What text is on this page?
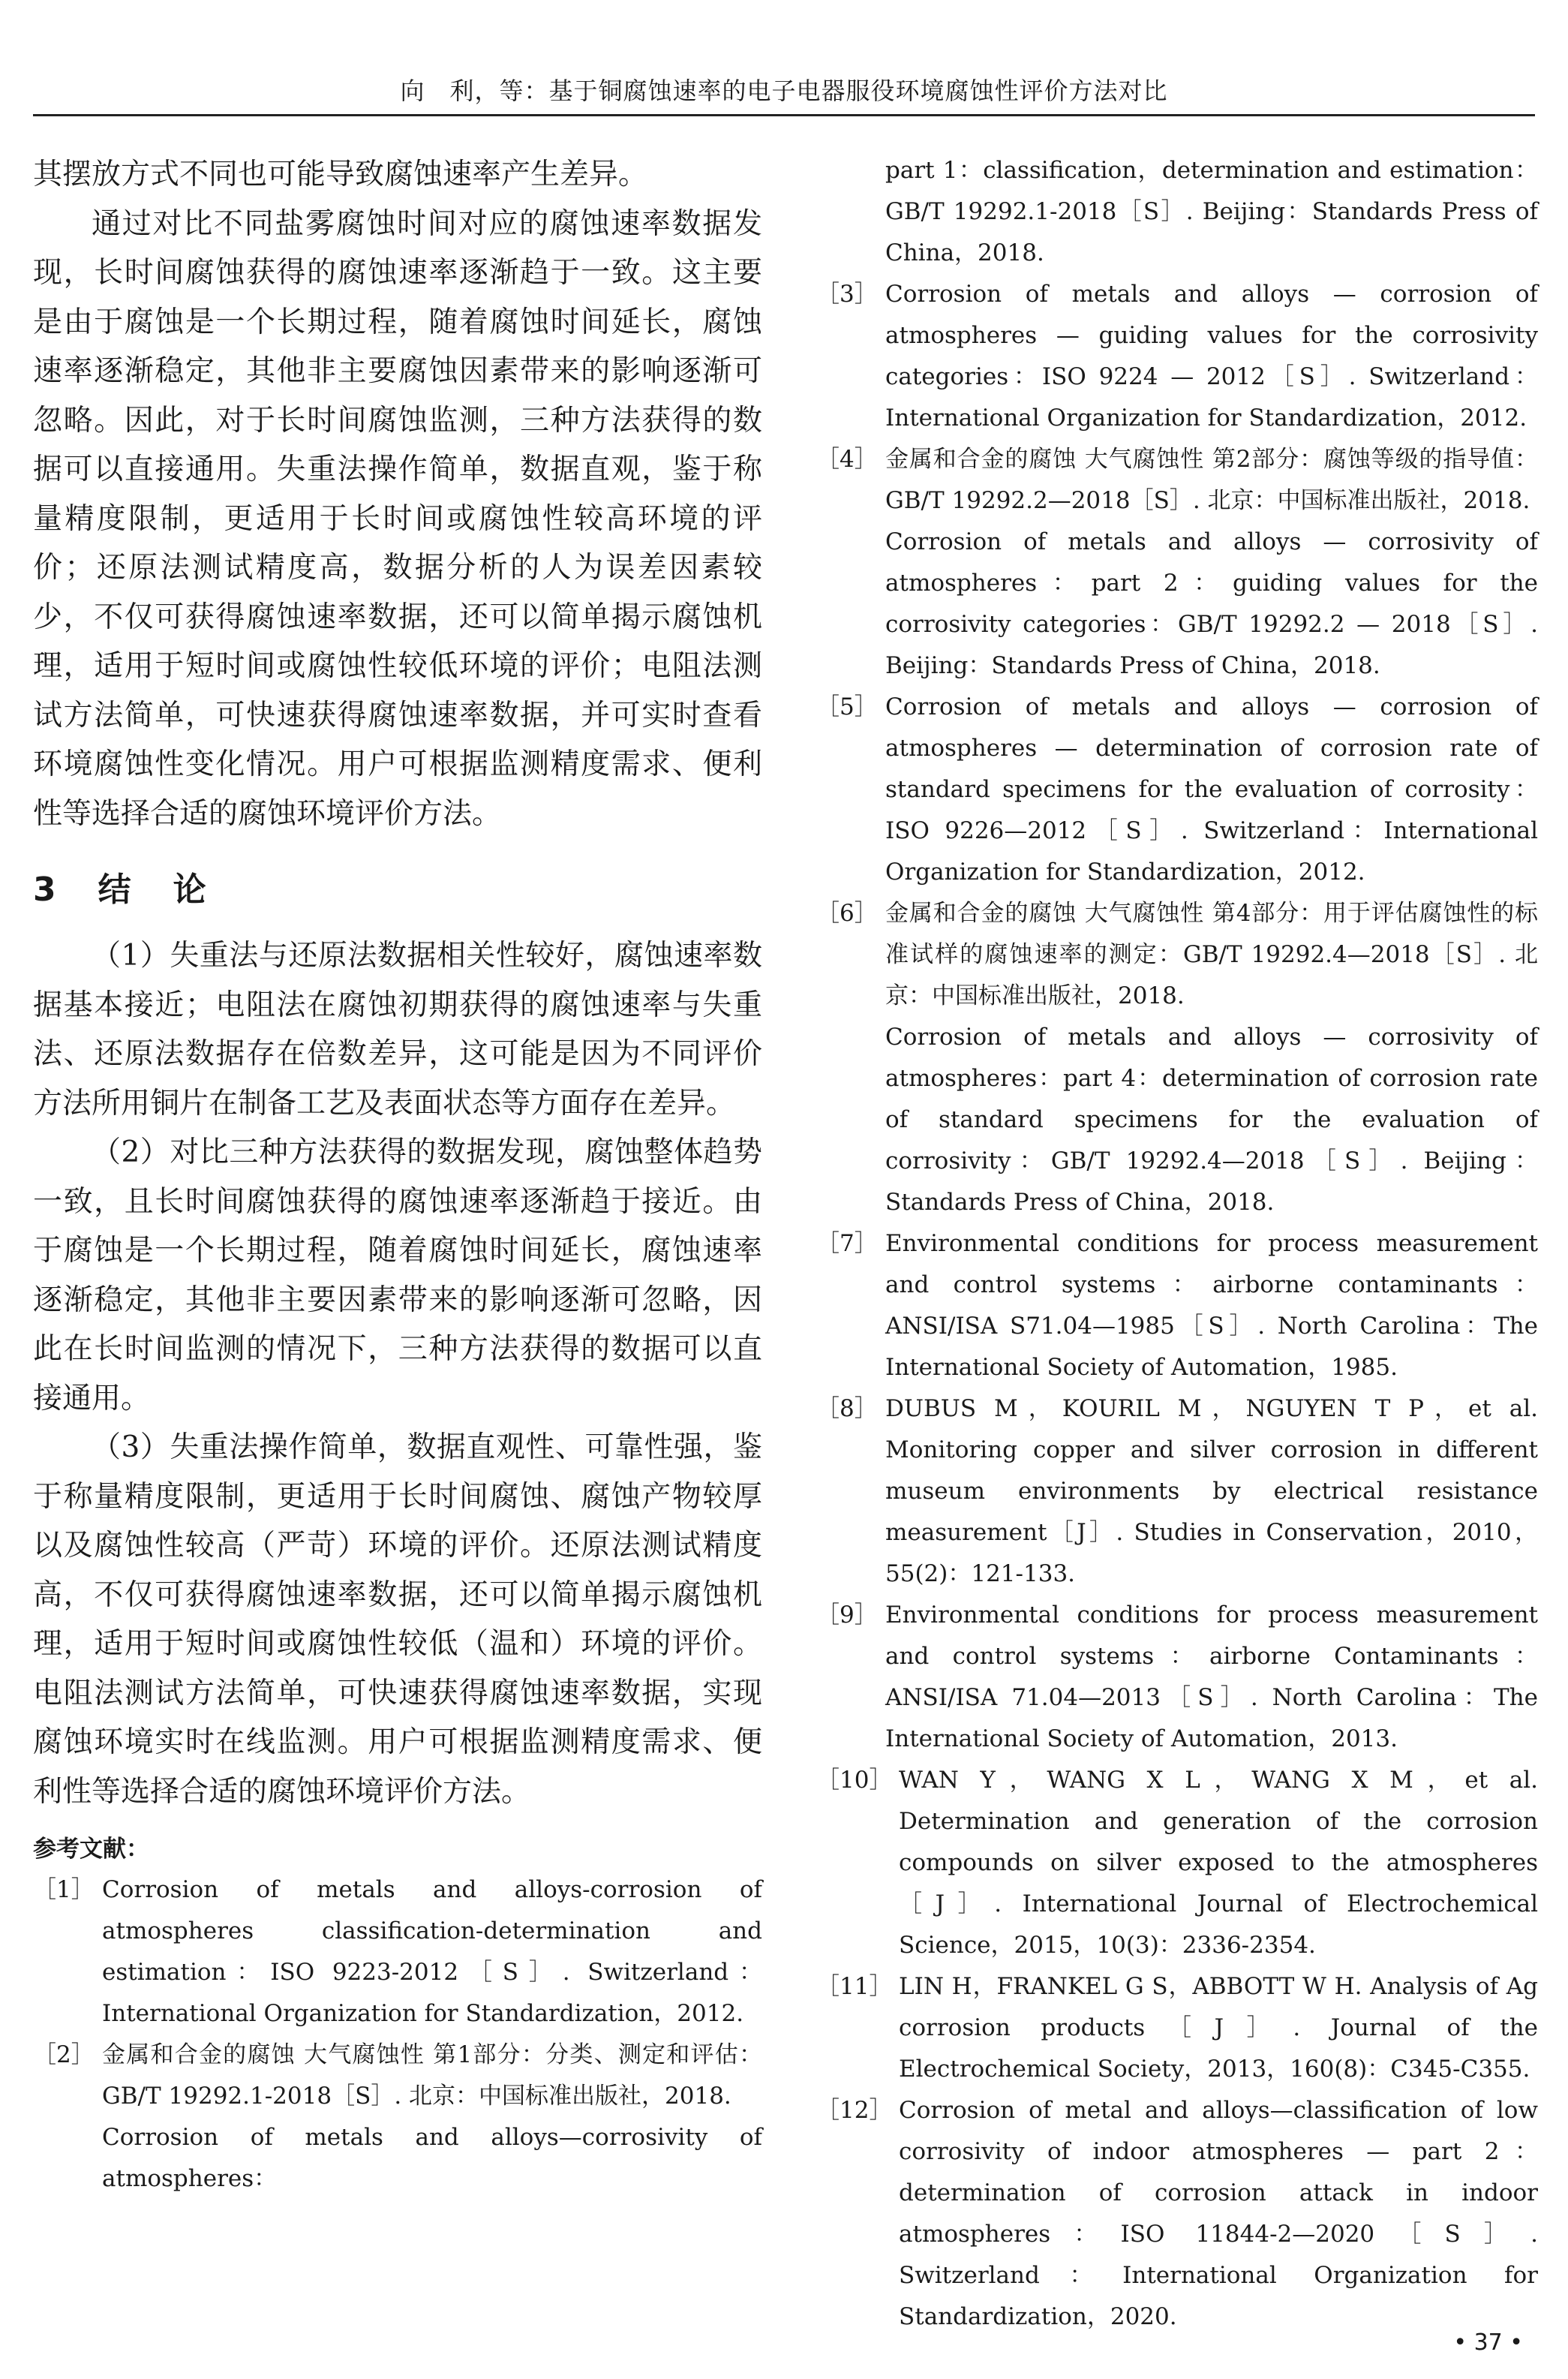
向　利，等：基于铜腐蚀速率的电子电器服役环境腐蚀性评价方法对比

其摆放方式不同也可能导致腐蚀速率产生差异。

通过对比不同盐雾腐蚀时间对应的腐蚀速率数据发现，长时间腐蚀获得的腐蚀速率逐渐趋于一致。这主要是由于腐蚀是一个长期过程，随着腐蚀时间延长，腐蚀速率逐渐稳定，其他非主要腐蚀因素带来的影响逐渐可忽略。因此，对于长时间腐蚀监测，三种方法获得的数据可以直接通用。失重法操作简单，数据直观，鉴于称量精度限制，更适用于长时间或腐蚀性较高环境的评价；还原法测试精度高，数据分析的人为误差因素较少，不仅可获得腐蚀速率数据，还可以简单揭示腐蚀机理，适用于短时间或腐蚀性较低环境的评价；电阻法测试方法简单，可快速获得腐蚀速率数据，并可实时查看环境腐蚀性变化情况。用户可根据监测精度需求、便利性等选择合适的腐蚀环境评价方法。

3　结　论

（1）失重法与还原法数据相关性较好，腐蚀速率数据基本接近；电阻法在腐蚀初期获得的腐蚀速率与失重法、还原法数据存在倍数差异，这可能是因为不同评价方法所用铜片在制备工艺及表面状态等方面存在差异。

（2）对比三种方法获得的数据发现，腐蚀整体趋势一致，且长时间腐蚀获得的腐蚀速率逐渐趋于接近。由于腐蚀是一个长期过程，随着腐蚀时间延长，腐蚀速率逐渐稳定，其他非主要因素带来的影响逐渐可忽略，因此在长时间监测的情况下，三种方法获得的数据可以直接通用。

（3）失重法操作简单，数据直观性、可靠性强，鉴于称量精度限制，更适用于长时间腐蚀、腐蚀产物较厚以及腐蚀性较高（严苛）环境的评价。还原法测试精度高，不仅可获得腐蚀速率数据，还可以简单揭示腐蚀机理，适用于短时间或腐蚀性较低（温和）环境的评价。电阻法测试方法简单，可快速获得腐蚀速率数据，实现腐蚀环境实时在线监测。用户可根据监测精度需求、便利性等选择合适的腐蚀环境评价方法。

参考文献：
［1］ Corrosion of metals and alloys-corrosion of atmospheres classification-determination and estimation：ISO 9223-2012［S］. Switzerland： International Organization for Standardization，2012.
［2］ 金属和合金的腐蚀 大气腐蚀性 第1部分：分类、测定和评估：GB/T 19292.1-2018［S］. 北京：中国标准出版社，2018.
Corrosion of metals and alloys—corrosivity of atmospheres：
part 1：classification，determination and estimation：GB/T 19292.1-2018［S］. Beijing：Standards Press of China，2018.
［3］ Corrosion of metals and alloys — corrosion of atmospheres — guiding values for the corrosivity categories：ISO 9224 — 2012［S］. Switzerland：International Organization for Standardization，2012.
［4］ 金属和合金的腐蚀 大气腐蚀性 第2部分：腐蚀等级的指导值：GB/T 19292.2—2018［S］. 北京：中国标准出版社，2018.
Corrosion of metals and alloys — corrosivity of atmospheres：part 2：guiding values for the corrosivity categories：GB/T 19292.2 — 2018［S］. Beijing：Standards Press of China，2018.
［5］ Corrosion of metals and alloys — corrosion of atmospheres — determination of corrosion rate of standard specimens for the evaluation of corrosity：ISO 9226—2012［S］. Switzerland：International Organization for Standardization，2012.
［6］ 金属和合金的腐蚀 大气腐蚀性 第4部分：用于评估腐蚀性的标准试样的腐蚀速率的测定：GB/T 19292.4—2018［S］. 北京：中国标准出版社，2018.
Corrosion of metals and alloys — corrosivity of atmospheres：part 4：determination of corrosion rate of standard specimens for the evaluation of corrosivity：GB/T 19292.4—2018［S］. Beijing：Standards Press of China，2018.
［7］ Environmental conditions for process measurement and control systems：airborne contaminants：ANSI/ISA S71.04—1985［S］. North Carolina：The International Society of Automation，1985.
［8］ DUBUS M，KOURIL M，NGUYEN T P，et al. Monitoring copper and silver corrosion in different museum environments by electrical resistance measurement［J］. Studies in Conservation，2010，55(2)：121-133.
［9］ Environmental conditions for process measurement and control systems：airborne Contaminants：ANSI/ISA 71.04—2013［S］. North Carolina：The International Society of Automation，2013.
［10］ WAN Y，WANG X L，WANG X M，et al. Determination and generation of the corrosion compounds on silver exposed to the atmospheres［J］. International Journal of Electrochemical Science，2015，10(3)：2336-2354.
［11］ LIN H，FRANKEL G S，ABBOTT W H. Analysis of Ag corrosion products［J］. Journal of the Electrochemical Society，2013，160(8)：C345-C355.
［12］ Corrosion of metal and alloys—classification of low corrosivity of indoor atmospheres — part 2：determination of corrosion attack in indoor atmospheres：ISO 11844-2—2020［S］. Switzerland：International Organization for Standardization，2020.
• 37 •
